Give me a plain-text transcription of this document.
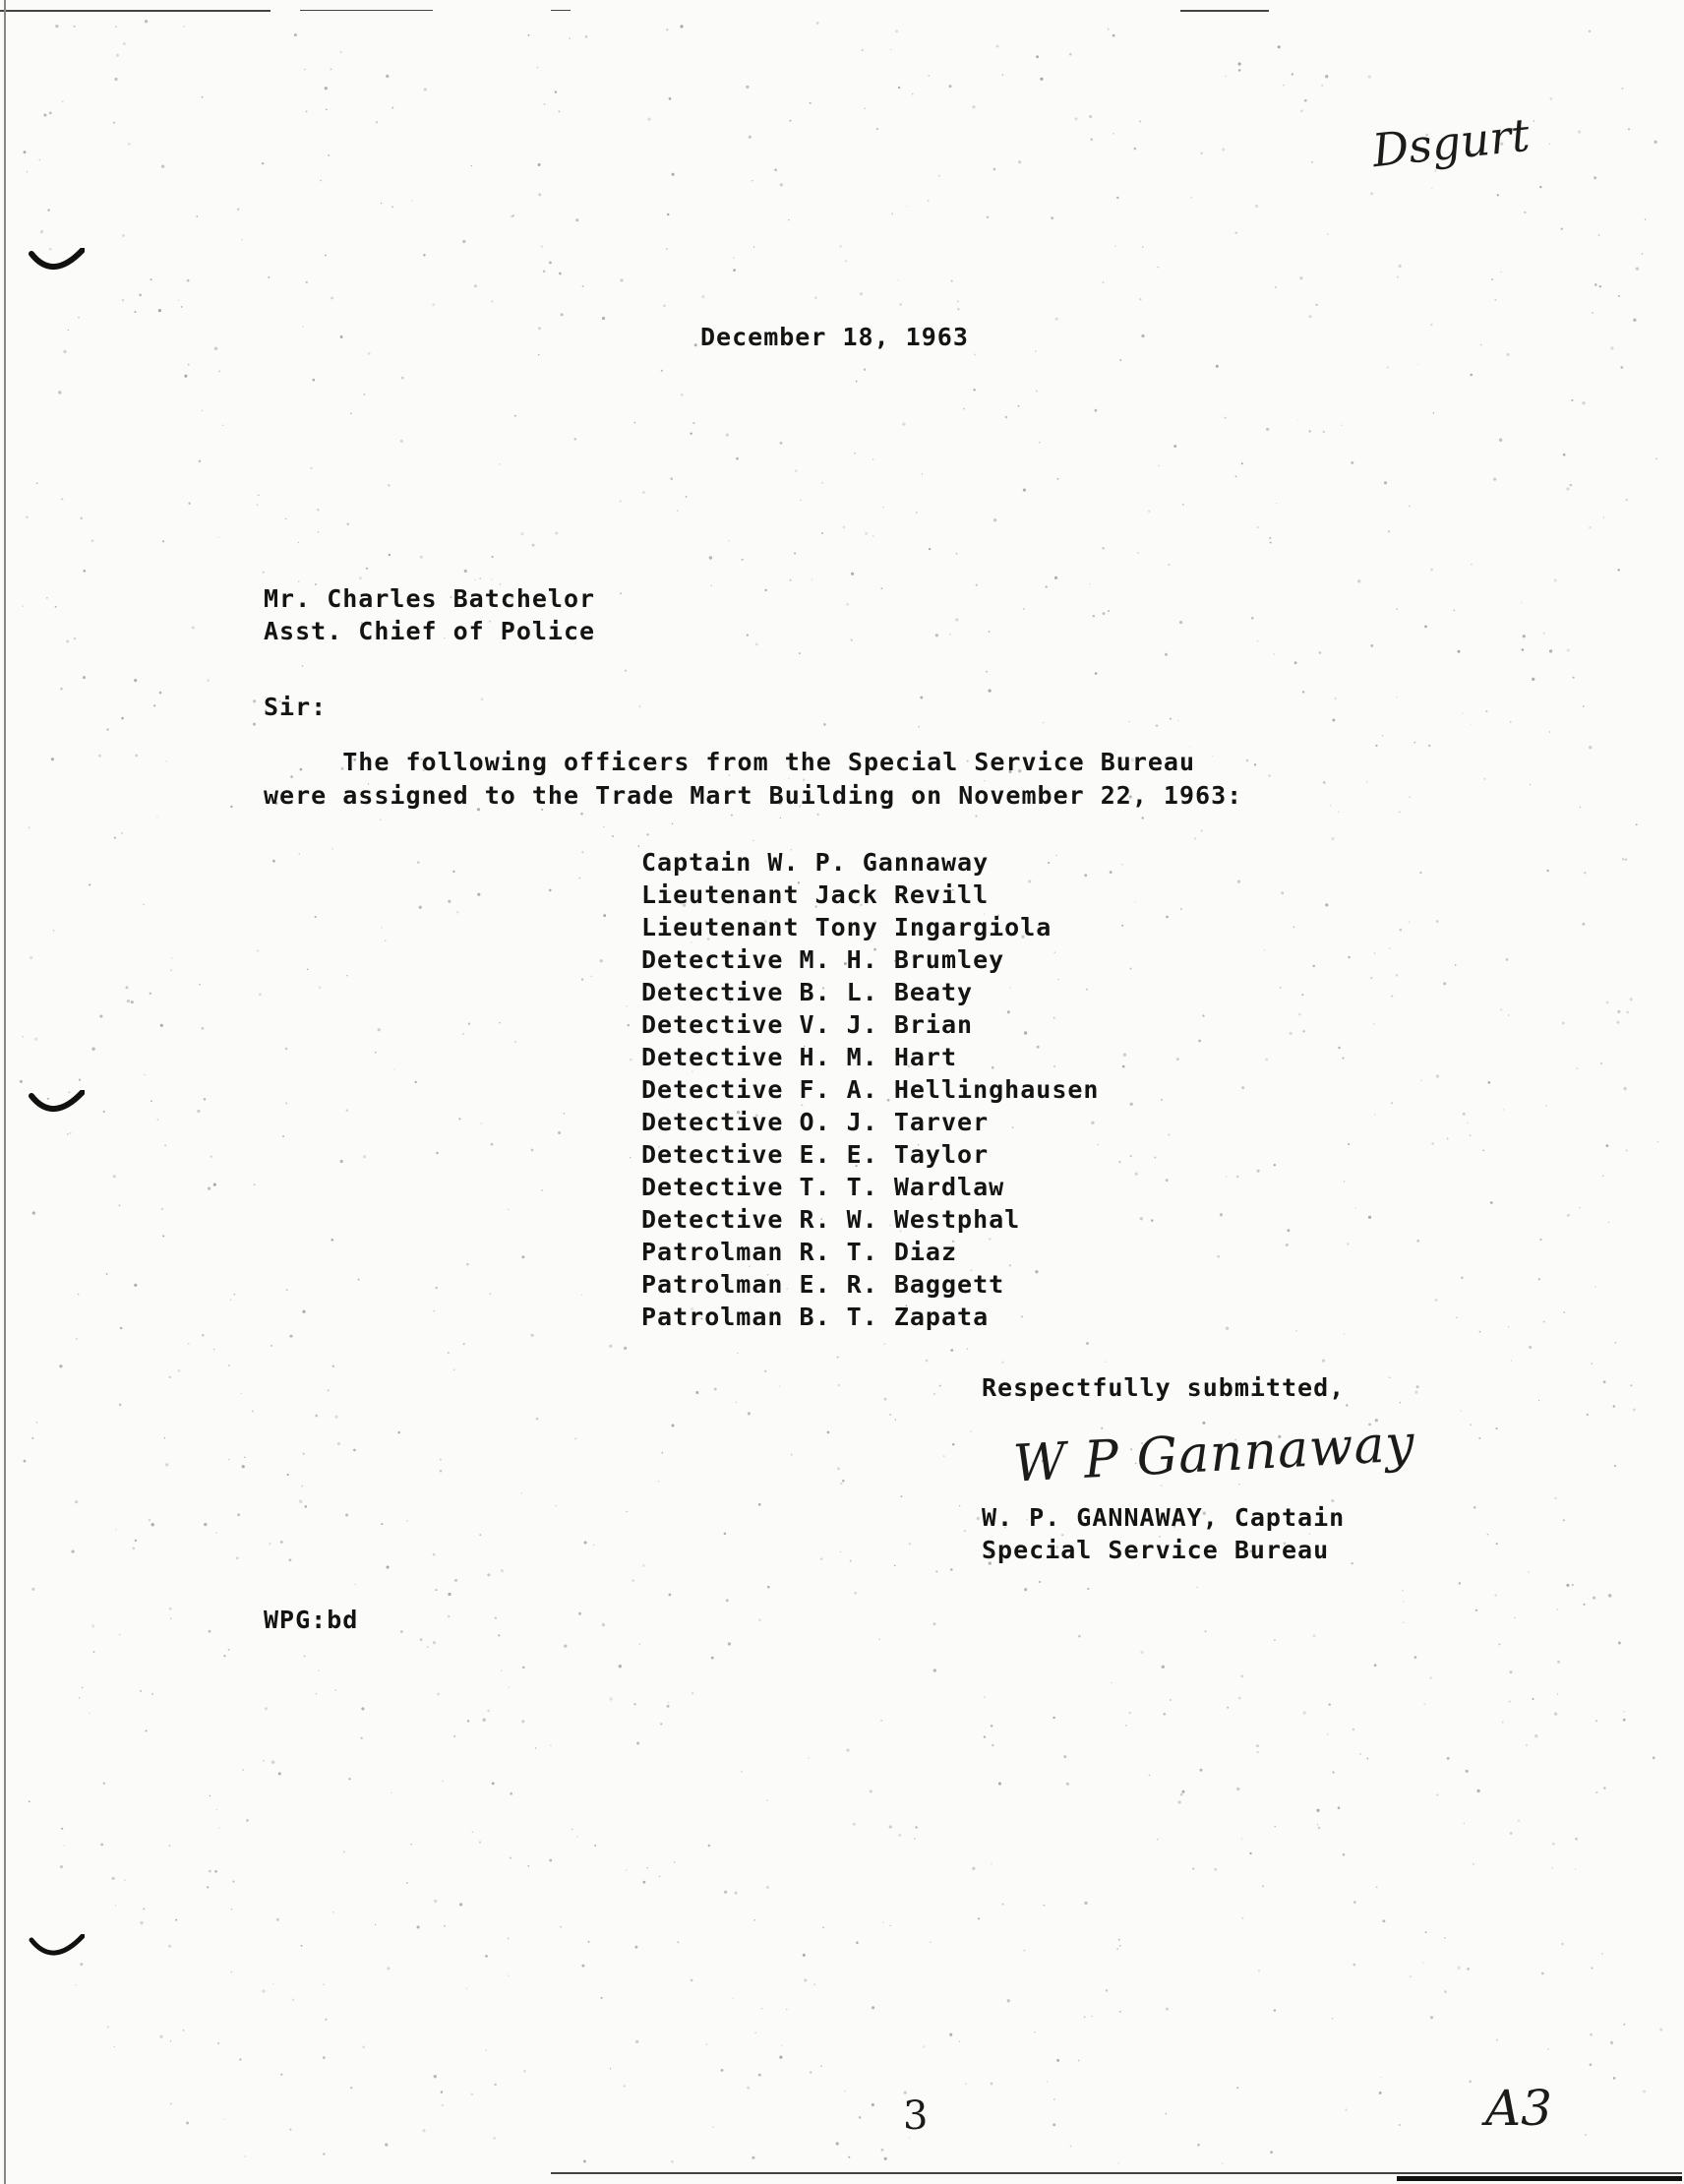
Dsgurt
December 18, 1963
Mr. Charles Batchelor
Asst. Chief of Police
Sir:
The following officers from the Special Service Bureau
were assigned to the Trade Mart Building on November 22, 1963:
Captain W. P. Gannaway
Lieutenant Jack Revill
Lieutenant Tony Ingargiola
Detective M. H. Brumley
Detective B. L. Beaty
Detective V. J. Brian
Detective H. M. Hart
Detective F. A. Hellinghausen
Detective O. J. Tarver
Detective E. E. Taylor
Detective T. T. Wardlaw
Detective R. W. Westphal
Patrolman R. T. Diaz
Patrolman E. R. Baggett
Patrolman B. T. Zapata
Respectfully submitted,
W P Gannaway
W. P. GANNAWAY, Captain
Special Service Bureau
WPG:bd
3	A3
